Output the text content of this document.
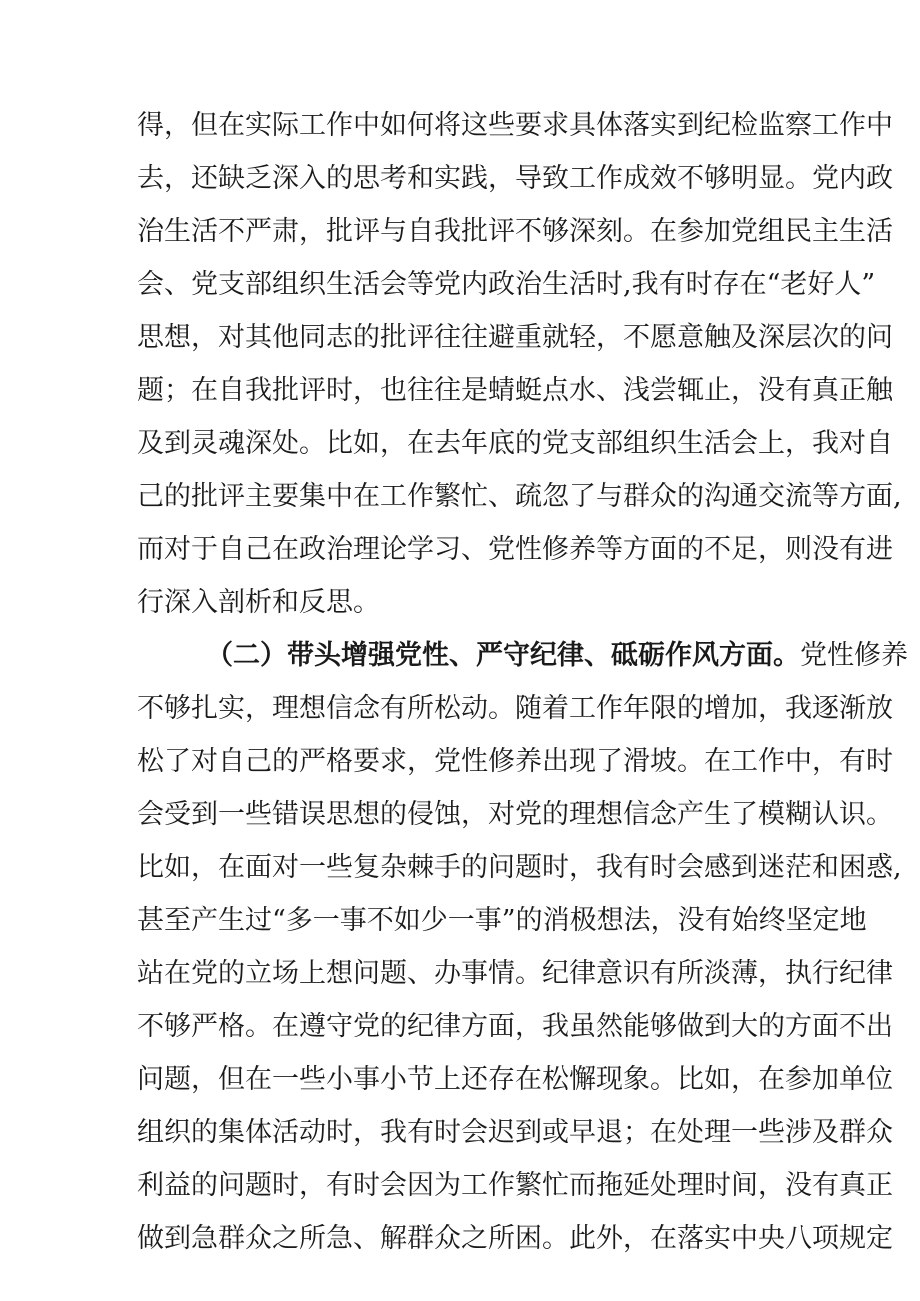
得，但在实际工作中如何将这些要求具体落实到纪检监察工作中
去，还缺乏深入的思考和实践，导致工作成效不够明显。党内政
治生活不严肃，批评与自我批评不够深刻。在参加党组民主生活
会、党支部组织生活会等党内政治生活时,我有时存在“老好人”
思想，对其他同志的批评往往避重就轻，不愿意触及深层次的问
题；在自我批评时，也往往是蜻蜓点水、浅尝辄止，没有真正触
及到灵魂深处。比如，在去年底的党支部组织生活会上，我对自
己的批评主要集中在工作繁忙、疏忽了与群众的沟通交流等方面,
而对于自己在政治理论学习、党性修养等方面的不足，则没有进
行深入剖析和反思。
（二）带头增强党性、严守纪律、砥砺作风方面。党性修养
不够扎实，理想信念有所松动。随着工作年限的增加，我逐渐放
松了对自己的严格要求，党性修养出现了滑坡。在工作中，有时
会受到一些错误思想的侵蚀，对党的理想信念产生了模糊认识。
比如，在面对一些复杂棘手的问题时，我有时会感到迷茫和困惑,
甚至产生过“多一事不如少一事”的消极想法，没有始终坚定地
站在党的立场上想问题、办事情。纪律意识有所淡薄，执行纪律
不够严格。在遵守党的纪律方面，我虽然能够做到大的方面不出
问题，但在一些小事小节上还存在松懈现象。比如，在参加单位
组织的集体活动时，我有时会迟到或早退；在处理一些涉及群众
利益的问题时，有时会因为工作繁忙而拖延处理时间，没有真正
做到急群众之所急、解群众之所困。此外，在落实中央八项规定
